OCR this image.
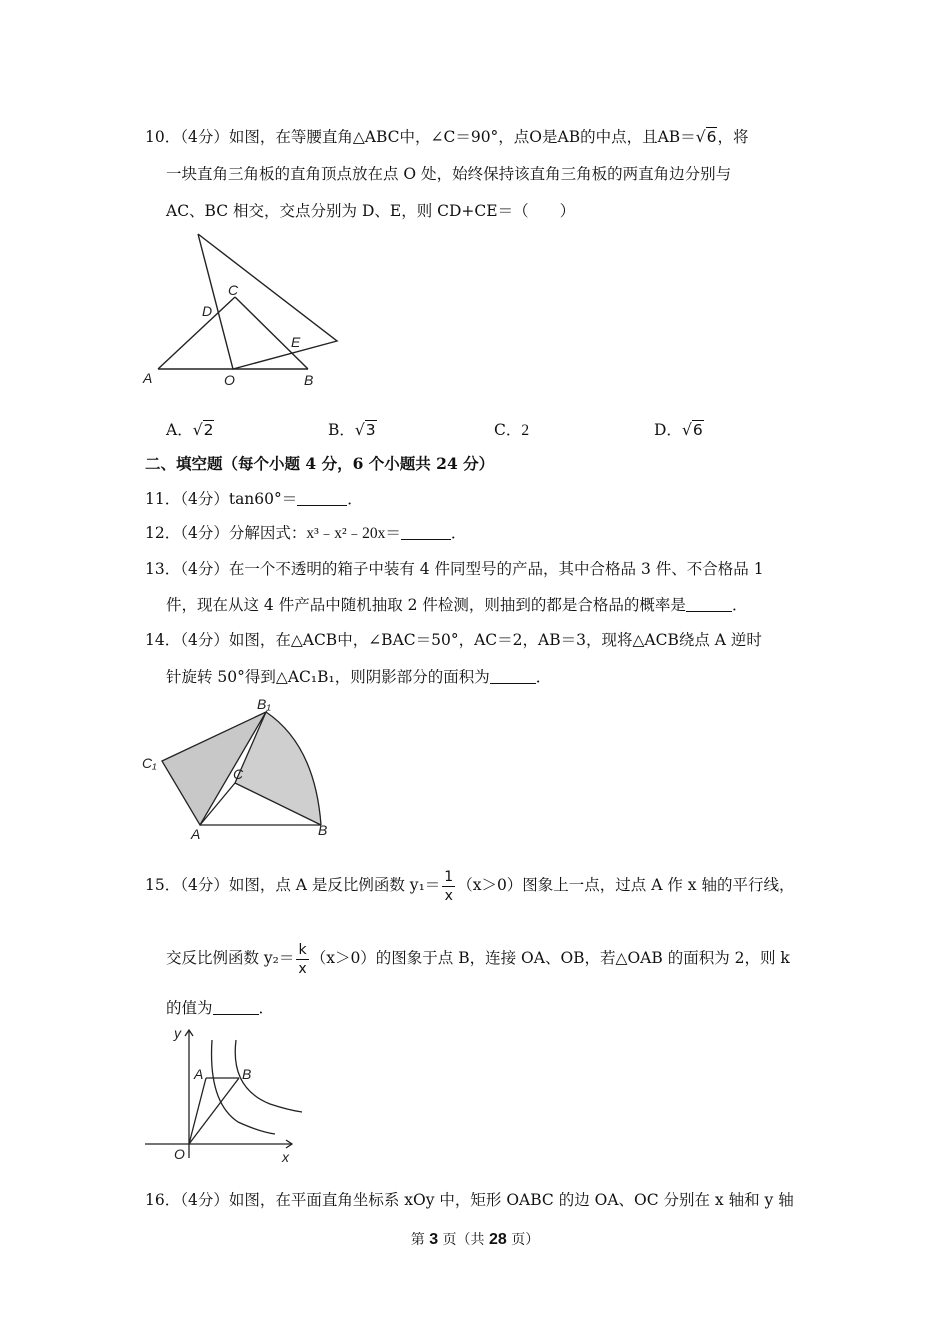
10．（4分）如图，在等腰直角△ABC中，∠C＝90°，点O是AB的中点，且AB＝√6，将
一块直角三角板的直角顶点放在点 O 处，始终保持该直角三角板的两直角边分别与
AC、BC 相交，交点分别为 D、E，则 CD+CE＝（　　）
A	O	B
C
D
E
A．√2	B．√3	C．2	D．√6
二、填空题（每个小题 4 分，6 个小题共 24 分）
11．（4分）tan60°＝	．
12．（4分）分解因式：x³﹣x²﹣20x＝	．
13．（4分）在一个不透明的箱子中装有 4 件同型号的产品，其中合格品 3 件、不合格品 1
件，现在从这 4 件产品中随机抽取 2 件检测，则抽到的都是合格品的概率是	．
14．（4分）如图，在△ACB中，∠BAC＝50°，AC＝2，AB＝3，现将△ACB绕点 A 逆时
针旋转 50°得到△AC₁B₁，则阴影部分的面积为	．
B₁
C₁
C
A	B
15．（4分）如图，点 A 是反比例函数 $y_1= \frac{1}{x} (x>0)$图象上一点，过点 A 作 x 轴的平行线，
交反比例函数 $y_2= \frac{k}{x} (x>0)$的图象于点 B，连接 OA、OB，若△OAB 的面积为 2，则 k
的值为	．
y
x
O
A	B
16．（4分）如图，在平面直角坐标系 xOy 中，矩形 OABC 的边 OA、OC 分别在 x 轴和 y 轴
第 3 页（共 28 页）
